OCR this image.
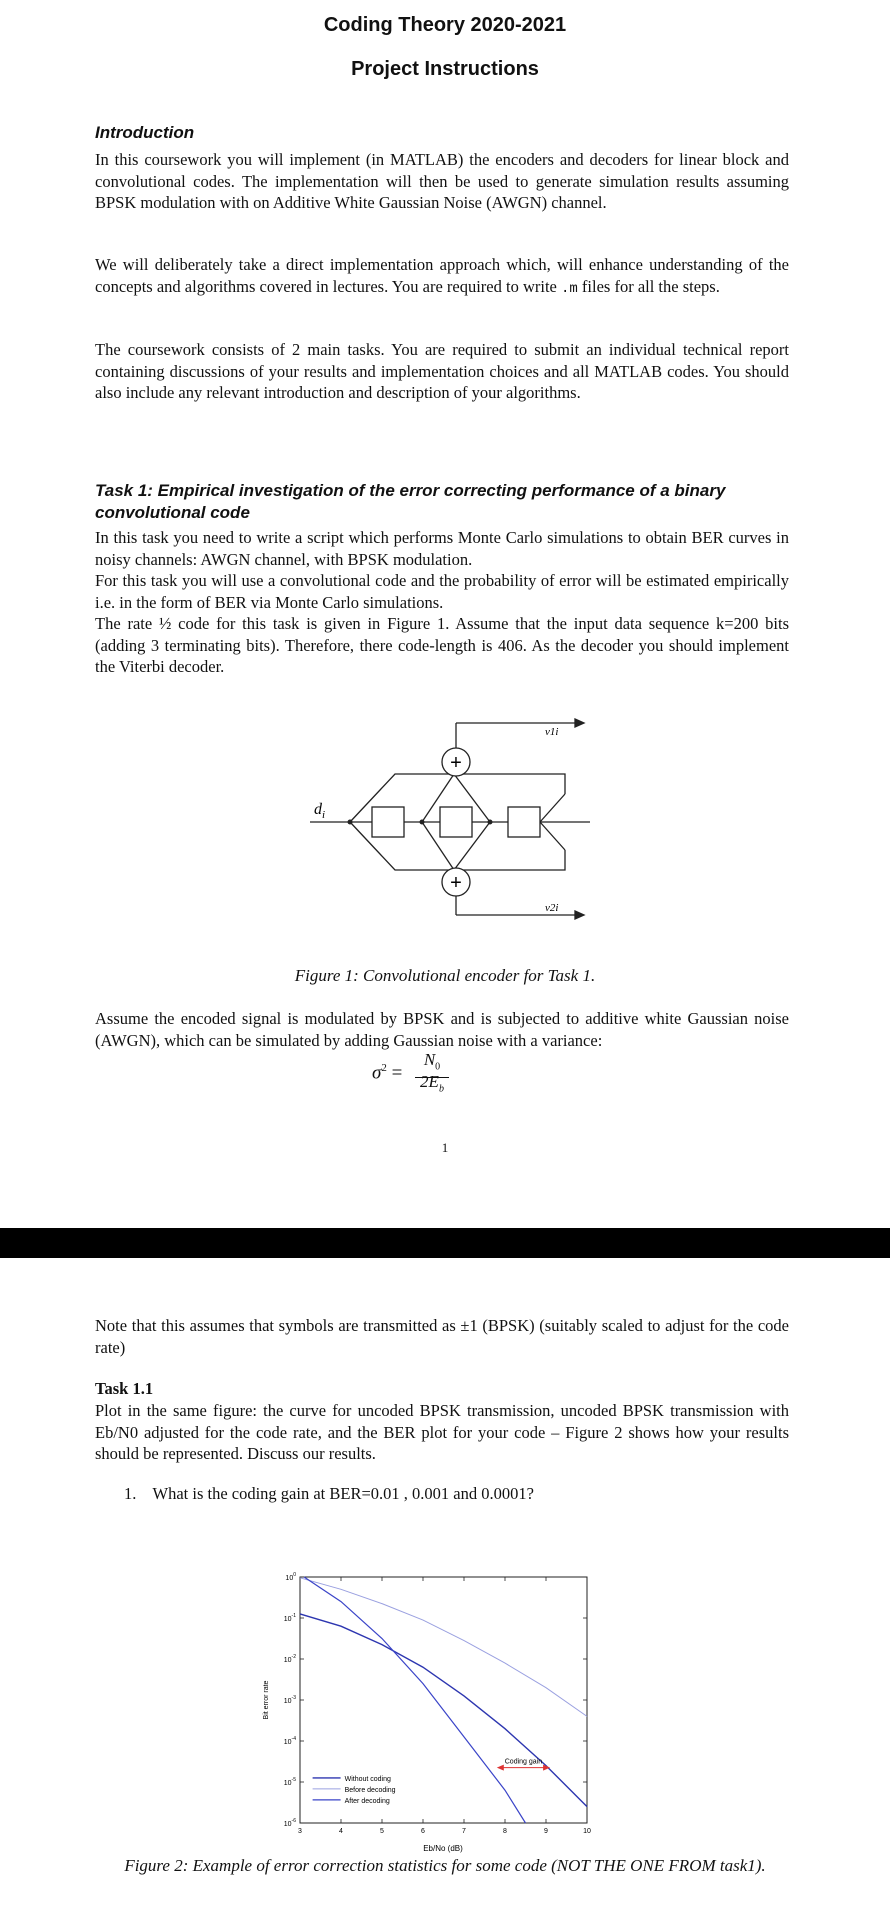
Coding Theory 2020-2021
Project Instructions
Introduction

In this coursework you will implement (in MATLAB) the encoders and decoders for linear block and convolutional codes. The implementation will then be used to generate simulation results assuming BPSK modulation with on Additive White Gaussian Noise (AWGN) channel.

We will deliberately take a direct implementation approach which, will enhance understanding of the concepts and algorithms covered in lectures. You are required to write .m files for all the steps.

The coursework consists of 2 main tasks. You are required to submit an individual technical report containing discussions of your results and implementation choices and all MATLAB codes. You should also include any relevant introduction and description of your algorithms.

Task 1: Empirical investigation of the error correcting performance of a binary convolutional code

In this task you need to write a script which performs Monte Carlo simulations to obtain BER curves in noisy channels: AWGN channel, with BPSK modulation.

For this task you will use a convolutional code and the probability of error will be estimated empirically i.e. in the form of BER via Monte Carlo simulations.

The rate ½ code for this task is given in Figure 1. Assume that the input data sequence k=200 bits (adding 3 terminating bits). Therefore, there code-length is 406. As the decoder you should implement the Viterbi decoder.

+
+
$d_i$
v1i
v2i
Figure 1: Convolutional encoder for Task 1.

Assume the encoded signal is modulated by BPSK and is subjected to additive white Gaussian noise (AWGN), which can be simulated by adding Gaussian noise with a variance:

$\sigma^2$ =
$N_0$
$2E_b$
1

Note that this assumes that symbols are transmitted as ±1 (BPSK) (suitably scaled to adjust for the code rate)

Task 1.1

Plot in the same figure: the curve for uncoded BPSK transmission, uncoded BPSK transmission with Eb/N0 adjusted for the code rate, and the BER plot for your code – Figure 2 shows how your results should be represented. Discuss our results.

1. What is the coding gain at BER=0.01 , 0.001 and 0.0001?
3	4	5	6	7	8	9	10
$10^0$
$10^{-1}$
$10^{-2}$
$10^{-3}$
$10^{-4}$
$10^{-5}$
$10^{-6}$
Without coding
Before decoding
After decoding
Coding gain
Eb/No (dB)
Bit error rate
Figure 2: Example of error correction statistics for some code (NOT THE ONE FROM task1).
